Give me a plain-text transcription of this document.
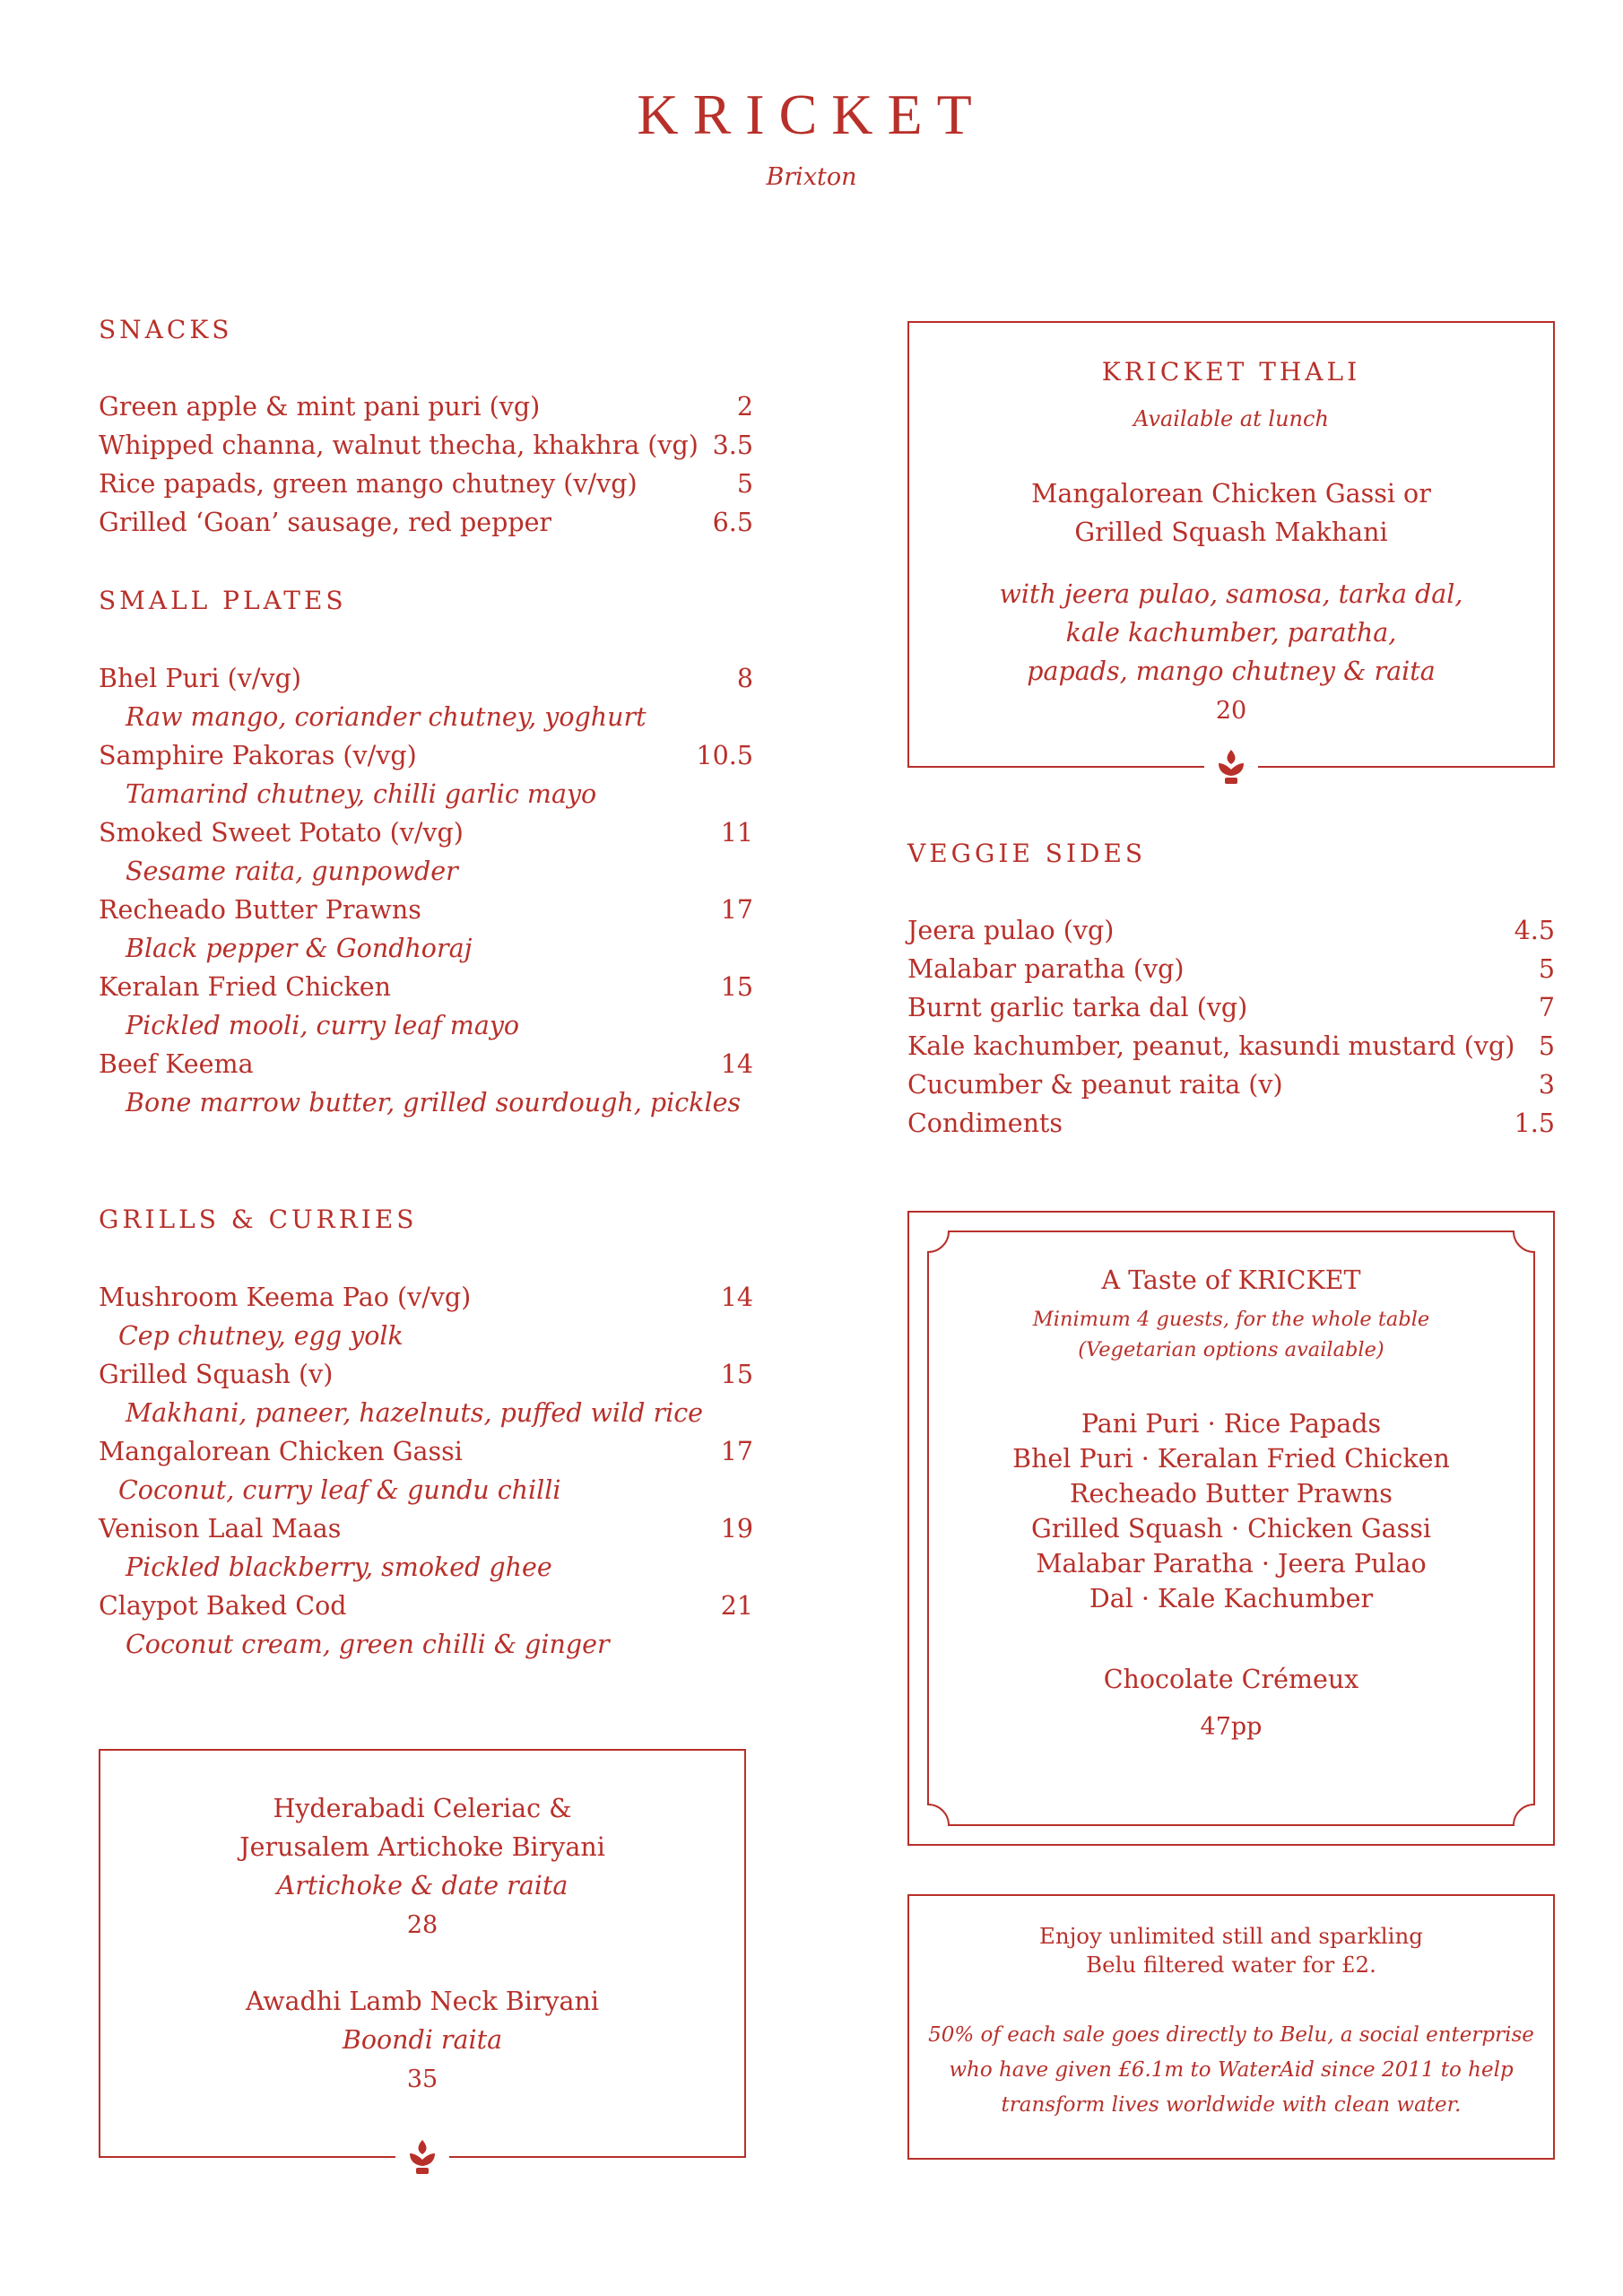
KRICKET
Brixton
SNACKS
Green apple & mint pani puri (vg)	2
Whipped channa, walnut thecha, khakhra (vg) 3.5
Rice papads, green mango chutney (v/vg)	5
Grilled ‘Goan’ sausage, red pepper	6.5
SMALL PLATES
Bhel Puri (v/vg)	8
Raw mango, coriander chutney, yoghurt
Samphire Pakoras (v/vg)	10.5
Tamarind chutney, chilli garlic mayo
Smoked Sweet Potato (v/vg)	11
Sesame raita, gunpowder
Recheado Butter Prawns	17
Black pepper & Gondhoraj
Keralan Fried Chicken	15
Pickled mooli, curry leaf mayo
Beef Keema	14
Bone marrow butter, grilled sourdough, pickles
GRILLS & CURRIES
Mushroom Keema Pao (v/vg)	14
Cep chutney, egg yolk
Grilled Squash (v)	15
Makhani, paneer, hazelnuts, puffed wild rice
Mangalorean Chicken Gassi	17
Coconut, curry leaf & gundu chilli
Venison Laal Maas	19
Pickled blackberry, smoked ghee
Claypot Baked Cod	21
Coconut cream, green chilli & ginger
Hyderabadi Celeriac &
Jerusalem Artichoke Biryani
Artichoke & date raita
28
Awadhi Lamb Neck Biryani
Boondi raita
35
KRICKET THALI
Available at lunch
Mangalorean Chicken Gassi or
Grilled Squash Makhani
with jeera pulao, samosa, tarka dal,
kale kachumber, paratha,
papads, mango chutney & raita
20
VEGGIE SIDES
Jeera pulao (vg)	4.5
Malabar paratha (vg)	5
Burnt garlic tarka dal (vg)	7
Kale kachumber, peanut, kasundi mustard (vg) 5
Cucumber & peanut raita (v)	3
Condiments	1.5
A Taste of KRICKET
Minimum 4 guests, for the whole table
(Vegetarian options available)
Pani Puri · Rice Papads
Bhel Puri · Keralan Fried Chicken
Recheado Butter Prawns
Grilled Squash · Chicken Gassi
Malabar Paratha · Jeera Pulao
Dal · Kale Kachumber
Chocolate Crémeux
47pp
Enjoy unlimited still and sparkling
Belu filtered water for £2.
50% of each sale goes directly to Belu, a social enterprise
who have given £6.1m to WaterAid since 2011 to help
transform lives worldwide with clean water.
